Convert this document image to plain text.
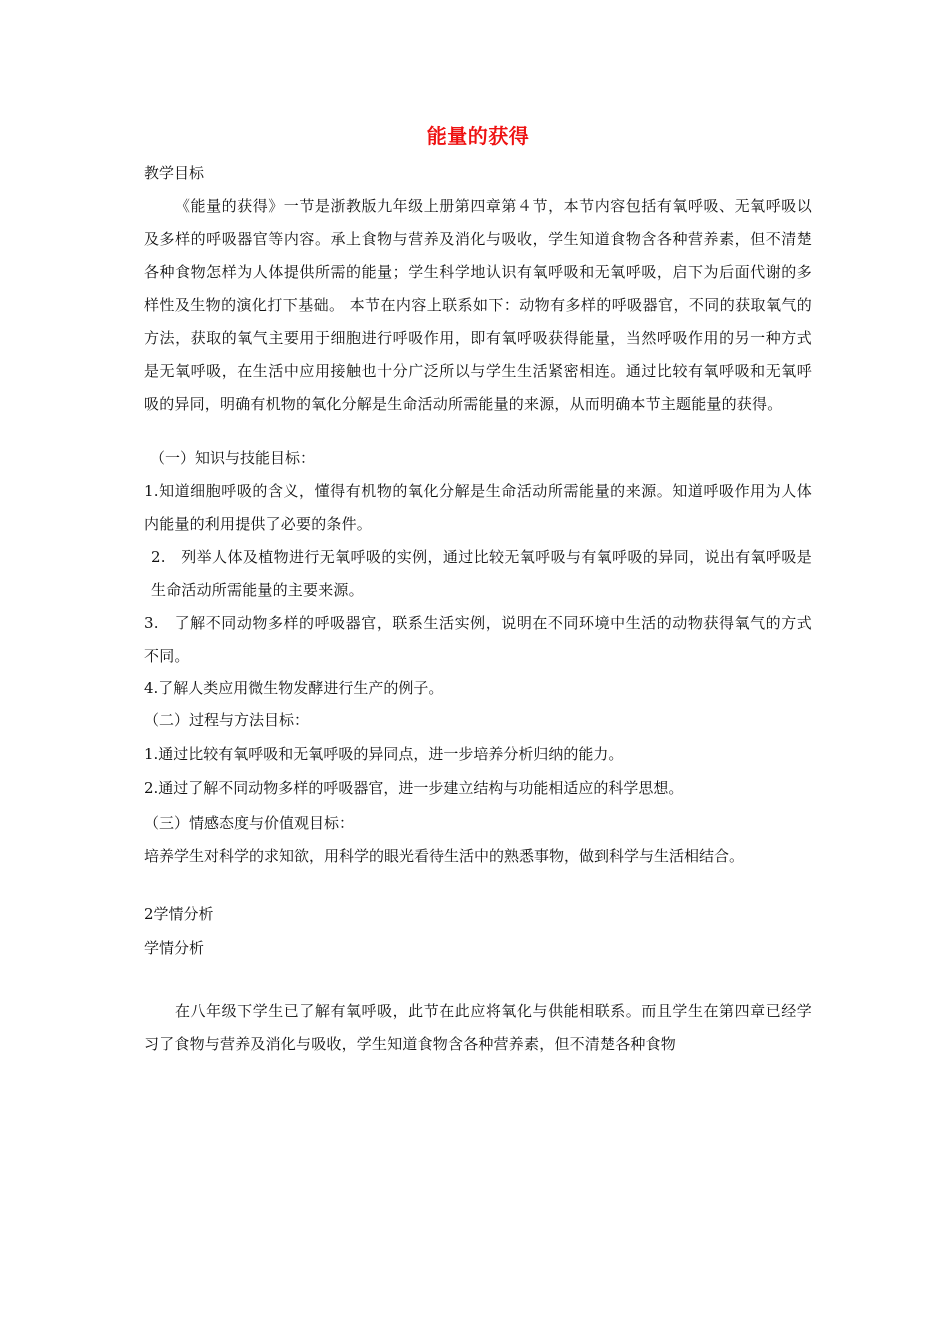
能量的获得

教学目标

《能量的获得》一节是浙教版九年级上册第四章第４节，本节内容包括有氧呼吸、无氧呼吸以及多样的呼吸器官等内容。承上食物与营养及消化与吸收，学生知道食物含各种营养素，但不清楚各种食物怎样为人体提供所需的能量；学生科学地认识有氧呼吸和无氧呼吸，启下为后面代谢的多样性及生物的演化打下基础。 本节在内容上联系如下：动物有多样的呼吸器官，不同的获取氧气的方法，获取的氧气主要用于细胞进行呼吸作用，即有氧呼吸获得能量，当然呼吸作用的另一种方式是无氧呼吸，在生活中应用接触也十分广泛所以与学生生活紧密相连。通过比较有氧呼吸和无氧呼吸的异同，明确有机物的氧化分解是生命活动所需能量的来源，从而明确本节主题能量的获得。

（一）知识与技能目标：

1.知道细胞呼吸的含义，懂得有机物的氧化分解是生命活动所需能量的来源。知道呼吸作用为人体内能量的利用提供了必要的条件。

2.　列举人体及植物进行无氧呼吸的实例，通过比较无氧呼吸与有氧呼吸的异同，说出有氧呼吸是生命活动所需能量的主要来源。

3.　了解不同动物多样的呼吸器官，联系生活实例，说明在不同环境中生活的动物获得氧气的方式不同。

4.了解人类应用微生物发酵进行生产的例子。

（二）过程与方法目标：

1.通过比较有氧呼吸和无氧呼吸的异同点，进一步培养分析归纳的能力。

2.通过了解不同动物多样的呼吸器官，进一步建立结构与功能相适应的科学思想。

（三）情感态度与价值观目标：

培养学生对科学的求知欲，用科学的眼光看待生活中的熟悉事物，做到科学与生活相结合。

2学情分析

学情分析

在八年级下学生已了解有氧呼吸，此节在此应将氧化与供能相联系。而且学生在第四章已经学习了食物与营养及消化与吸收，学生知道食物含各种营养素，但不清楚各种食物
